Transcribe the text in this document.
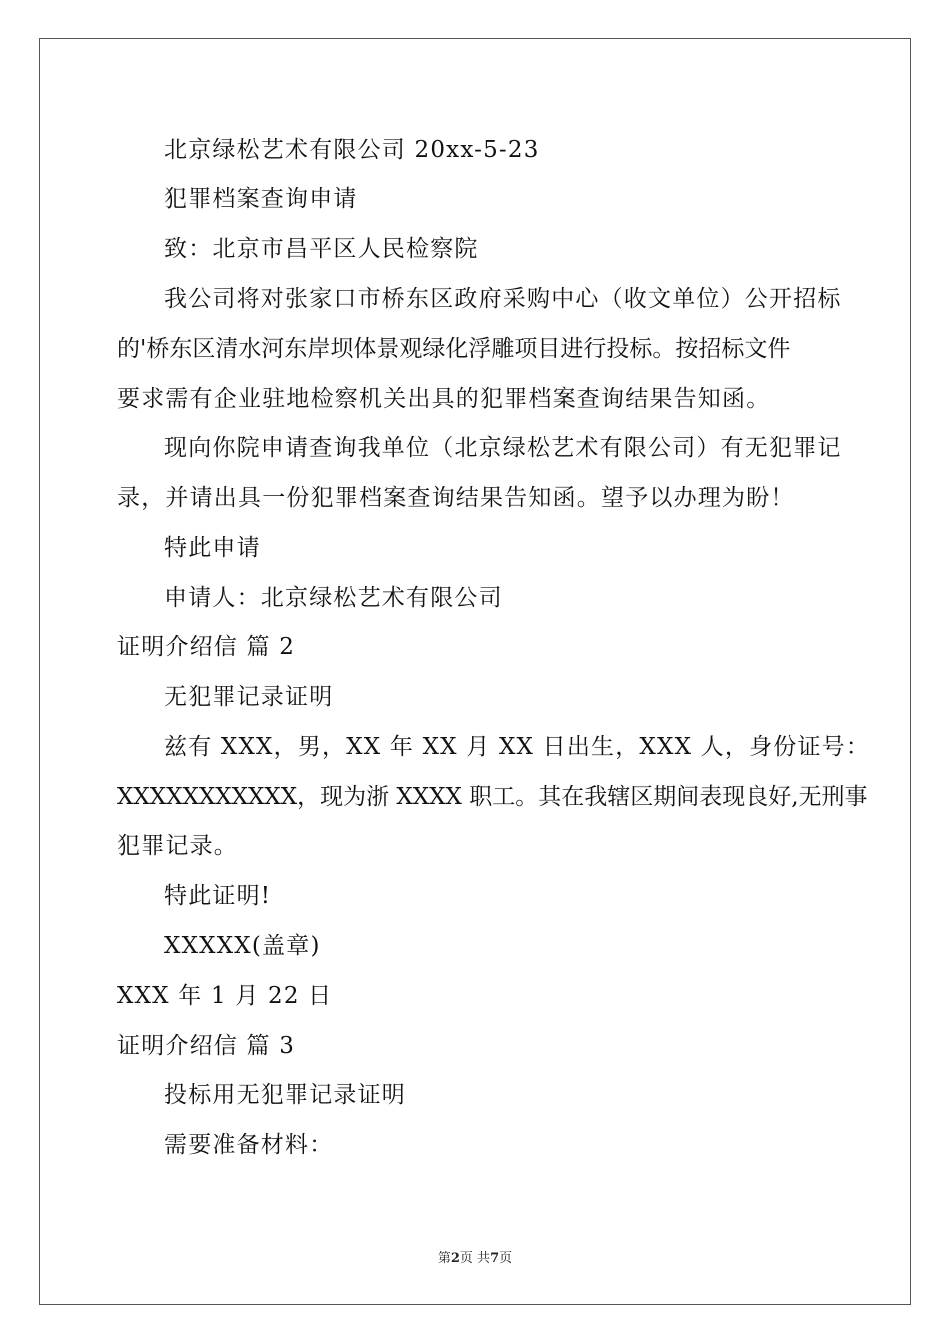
北京绿松艺术有限公司 20xx-5-23
犯罪档案查询申请
致：北京市昌平区人民检察院
我公司将对张家口市桥东区政府采购中心（收文单位）公开招标
的'桥东区清水河东岸坝体景观绿化浮雕项目进行投标。按招标文件
要求需有企业驻地检察机关出具的犯罪档案查询结果告知函。
现向你院申请查询我单位（北京绿松艺术有限公司）有无犯罪记
录，并请出具一份犯罪档案查询结果告知函。望予以办理为盼！
特此申请
申请人：北京绿松艺术有限公司
证明介绍信 篇 2
无犯罪记录证明
兹有 XXX，男，XX 年 XX 月 XX 日出生，XXX 人，身份证号：
XXXXXXXXXXX，现为浙 XXXX 职工。其在我辖区期间表现良好,无刑事
犯罪记录。
特此证明!
XXXXX(盖章)
XXX 年 1 月 22 日
证明介绍信 篇 3
投标用无犯罪记录证明
需要准备材料：
第2页 共7页
